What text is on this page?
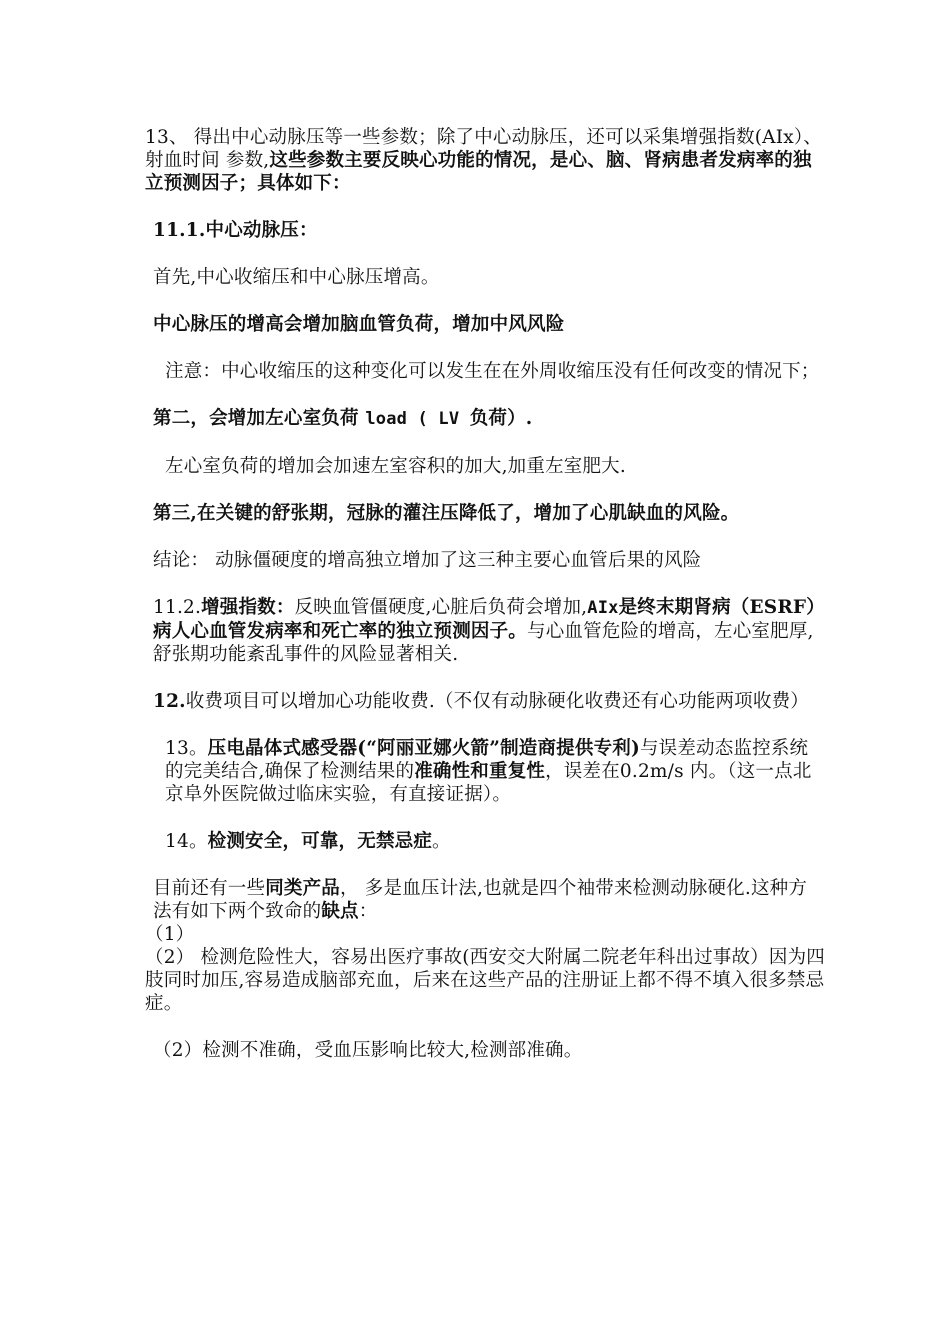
13、 得出中心动脉压等一些参数；除了中心动脉压，还可以采集增强指数(AIx）、射血时间 参数,这些参数主要反映心功能的情况，是心、脑、肾病患者发病率的独立预测因子；具体如下：

11.1.中心动脉压：

首先,中心收缩压和中心脉压增高。

中心脉压的增高会增加脑血管负荷，增加中风风险

注意：中心收缩压的这种变化可以发生在在外周收缩压没有任何改变的情况下；

第二，会增加左心室负荷 load ( LV 负荷）.

左心室负荷的增加会加速左室容积的加大,加重左室肥大.

第三,在关键的舒张期，冠脉的灌注压降低了，增加了心肌缺血的风险。

结论： 动脉僵硬度的增高独立增加了这三种主要心血管后果的风险

11.2.增强指数：反映血管僵硬度,心脏后负荷会增加,AIx是终末期肾病（ESRF）病人心血管发病率和死亡率的独立预测因子。与心血管危险的增高，左心室肥厚,舒张期功能紊乱事件的风险显著相关.

12.收费项目可以增加心功能收费.（不仅有动脉硬化收费还有心功能两项收费）

13。压电晶体式感受器(“阿丽亚娜火箭”制造商提供专利)与误差动态监控系统的完美结合,确保了检测结果的准确性和重复性，误差在0.2m/s 内。（这一点北京阜外医院做过临床实验，有直接证据）。

14。检测安全，可靠，无禁忌症。

目前还有一些同类产品， 多是血压计法,也就是四个袖带来检测动脉硬化.这种方法有如下两个致命的缺点：

（1）

（2） 检测危险性大，容易出医疗事故(西安交大附属二院老年科出过事故）因为四肢同时加压,容易造成脑部充血，后来在这些产品的注册证上都不得不填入很多禁忌症。

（2）检测不准确，受血压影响比较大,检测部准确。
